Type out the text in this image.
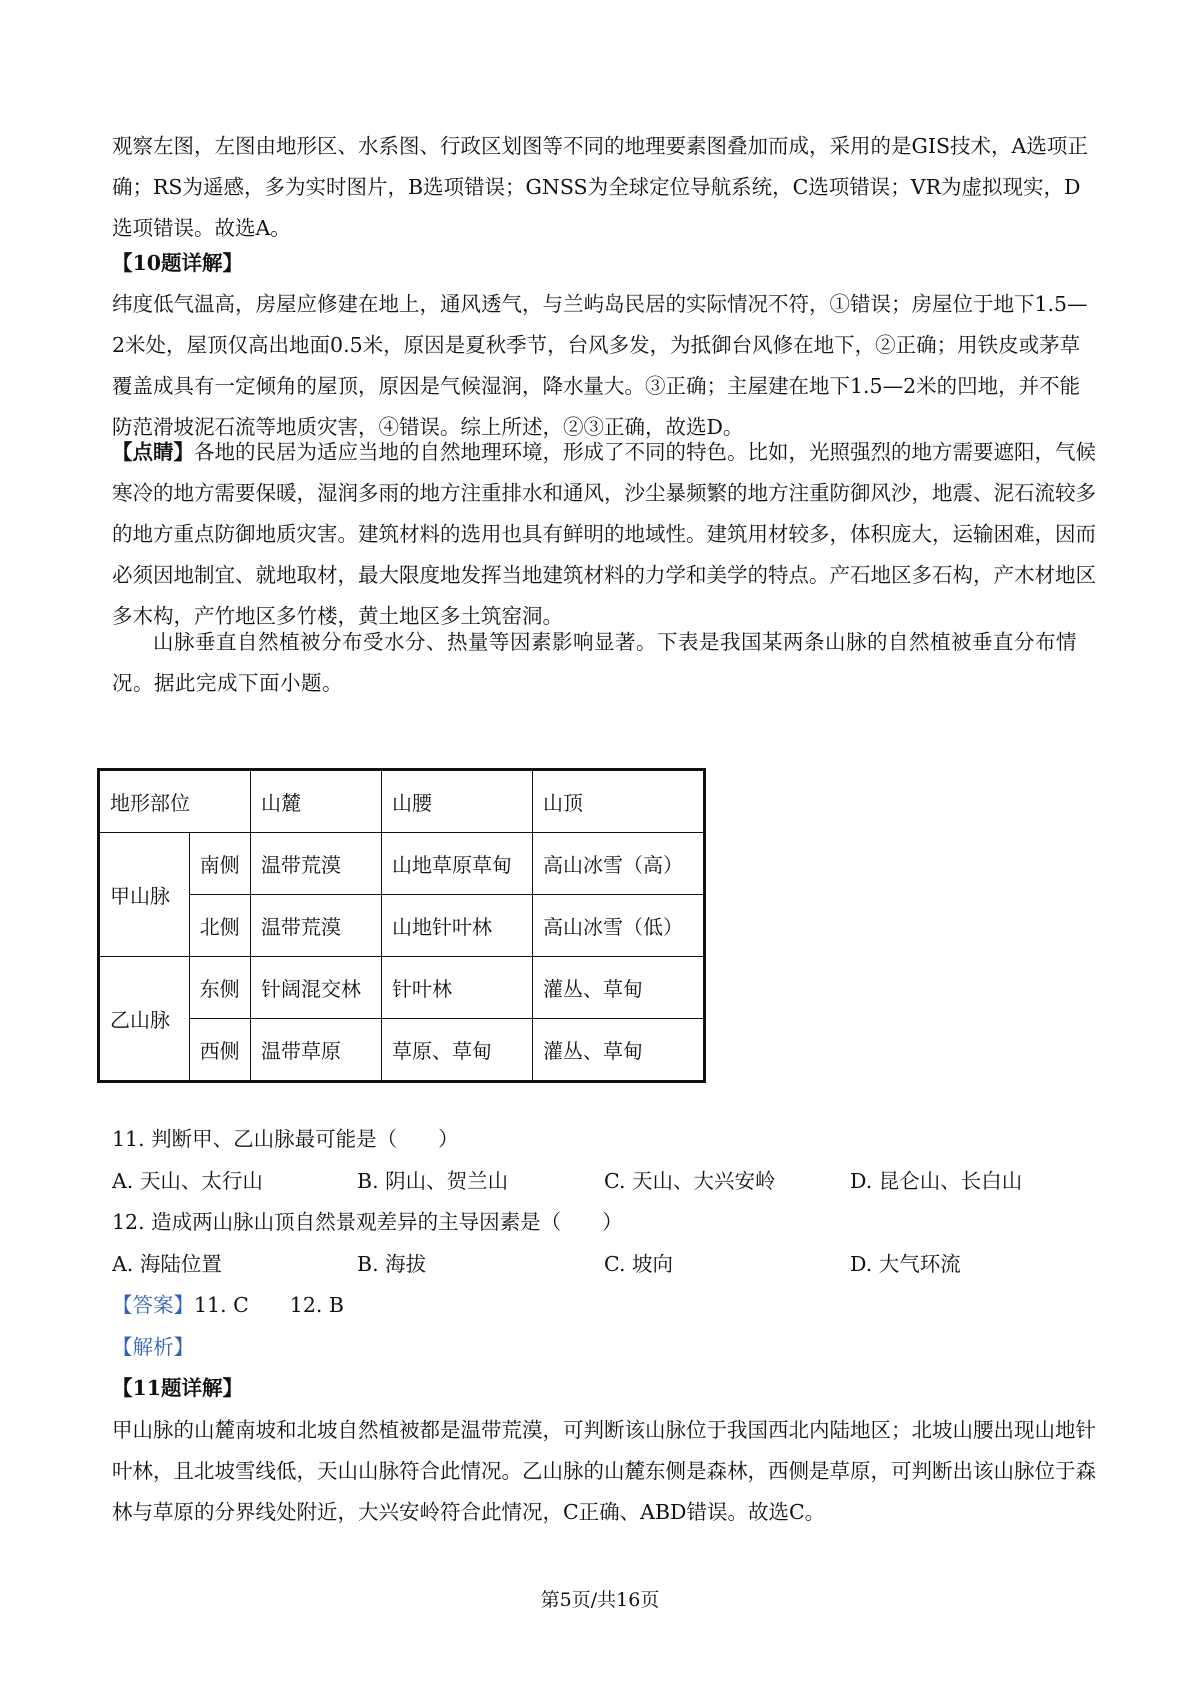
观察左图，左图由地形区、水系图、行政区划图等不同的地理要素图叠加而成，采用的是GIS技术，A选项正确；RS为遥感，多为实时图片，B选项错误；GNSS为全球定位导航系统，C选项错误；VR为虚拟现实，D选项错误。故选A。

【10题详解】

纬度低气温高，房屋应修建在地上，通风透气，与兰屿岛民居的实际情况不符，①错误；房屋位于地下1.5—2米处，屋顶仅高出地面0.5米，原因是夏秋季节，台风多发，为抵御台风修在地下，②正确；用铁皮或茅草覆盖成具有一定倾角的屋顶，原因是气候湿润，降水量大。③正确；主屋建在地下1.5—2米的凹地，并不能防范滑坡泥石流等地质灾害，④错误。综上所述，②③正确，故选D。

【点睛】各地的民居为适应当地的自然地理环境，形成了不同的特色。比如，光照强烈的地方需要遮阳，气候寒冷的地方需要保暖，湿润多雨的地方注重排水和通风，沙尘暴频繁的地方注重防御风沙，地震、泥石流较多的地方重点防御地质灾害。建筑材料的选用也具有鲜明的地域性。建筑用材较多，体积庞大，运输困难，因而必须因地制宜、就地取材，最大限度地发挥当地建筑材料的力学和美学的特点。产石地区多石构，产木材地区多木构，产竹地区多竹楼，黄土地区多土筑窑洞。

山脉垂直自然植被分布受水分、热量等因素影响显著。下表是我国某两条山脉的自然植被垂直分布情况。据此完成下面小题。

地形部位		山麓	山腰	山顶
甲山脉	南侧	温带荒漠	山地草原草甸	高山冰雪（高）
	北侧	温带荒漠	山地针叶林	高山冰雪（低）
乙山脉	东侧	针阔混交林	针叶林	灌丛、草甸
	西侧	温带草原	草原、草甸	灌丛、草甸

11. 判断甲、乙山脉最可能是（　　）

A. 天山、太行山	B. 阴山、贺兰山	C. 天山、大兴安岭	D. 昆仑山、长白山

12. 造成两山脉山顶自然景观差异的主导因素是（　　）

A. 海陆位置	B. 海拔	C. 坡向	D. 大气环流

【答案】11. C　　12. B

【解析】

【11题详解】

甲山脉的山麓南坡和北坡自然植被都是温带荒漠，可判断该山脉位于我国西北内陆地区；北坡山腰出现山地针叶林，且北坡雪线低，天山山脉符合此情况。乙山脉的山麓东侧是森林，西侧是草原，可判断出该山脉位于森林与草原的分界线处附近，大兴安岭符合此情况，C正确、ABD错误。故选C。

第5页/共16页
